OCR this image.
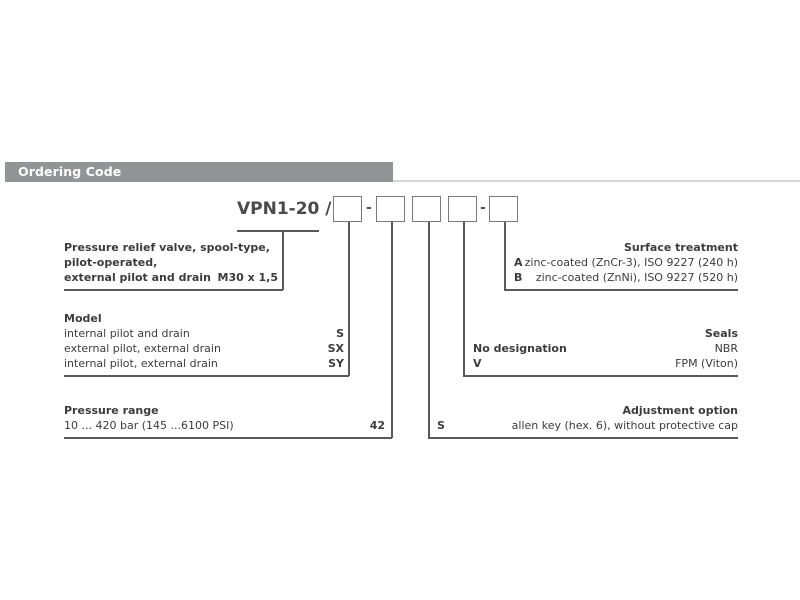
Ordering Code
VPN1-20 / -	-
Pressure relief valve, spool-type,
pilot-operated,
external pilot and drain M30 x 1,5
Model
internal pilot and drain	S
external pilot, external drain	SX
internal pilot, external drain	SY
Pressure range
10 ... 420 bar (145 ...6100 PSI)	42
Surface treatment
A zinc-coated (ZnCr-3), ISO 9227 (240 h)
B	zinc-coated (ZnNi), ISO 9227 (520 h)
Seals
No designation	NBR
V	FPM (Viton)
Adjustment option
S	allen key (hex. 6), without protective cap
